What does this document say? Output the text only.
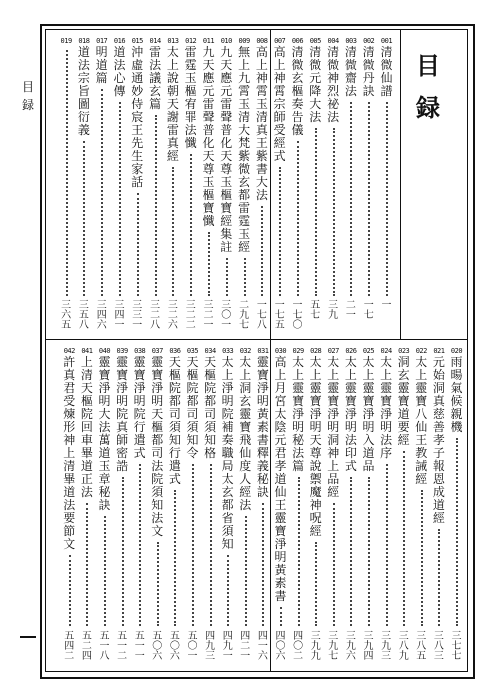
目
録
目
録
001
清
微
仙
譜
一
002
清
微
丹
訣
一
七
003
清
微
齋
法
二
一
004
清
微
神
烈
祕
法
三
九
005
清
微
元
降
大
法
五
七
006
清
微
玄
樞
奏
告
儀
一
七
〇
007
高
上
神
霄
宗
師
受
經
式
一
七
五
008
高
上
神
霄
玉
清
真
王
紫
書
大
法
一
七
八
009
無
上
九
霄
玉
清
大
梵
紫
微
玄
都
雷
霆
玉
經
二
九
七
010
九
天
應
元
雷
聲
普
化
天
尊
玉
樞
寶
經
集
註
三
〇
一
011
九
天
應
元
雷
聲
普
化
天
尊
玉
樞
寶
懺
三
二
一
012
雷
霆
玉
樞
宥
罪
法
懺
三
二
二
013
太
上
說
朝
天
謝
雷
真
經
三
二
六
014
雷
法
議
玄
篇
三
二
八
015
沖
虛
通
妙
侍
宸
王
先
生
家
話
三
三
一
016
道
法
心
傳
三
四
一
017
明
道
篇
三
四
六
018
道
法
宗
旨
圖
衍
義
三
五
八
019
三
六
五
020
雨
暘
氣
候
親
機
三
七
七
021
元
始
洞
真
慈
善
孝
子
報
恩
成
道
經
三
八
三
022
太
上
靈
寶
八
仙
王
教
誡
經
三
八
五
023
洞
玄
靈
寶
道
要
經
三
八
九
024
太
上
靈
寶
淨
明
法
序
三
九
三
025
太
上
靈
寶
淨
明
入
道
品
三
九
四
026
太
上
靈
寶
淨
明
法
印
式
三
九
六
027
太
上
靈
寶
淨
明
洞
神
上
品
經
三
九
七
028
太
上
靈
寶
淨
明
天
尊
說
禦
魔
神
呪
經
三
九
九
029
太
上
靈
寶
淨
明
秘
法
篇
四
〇
二
030
高
上
月
宮
太
陰
元
君
孝
道
仙
王
靈
寶
淨
明
黃
素
書
四
〇
六
031
靈
寶
淨
明
黃
素
書
釋
義
秘
訣
四
一
六
032
太
上
洞
玄
靈
寶
飛
仙
度
人
經
法
四
二
一
033
太
上
淨
明
院
補
奏
職
局
太
玄
都
省
須
知
四
九
一
034
天
樞
院
都
司
須
知
格
四
九
三
035
天
樞
院
都
司
須
知
令
五
〇
一
036
天
樞
院
都
司
須
知
行
遣
式
五
〇
六
037
靈
寶
淨
明
天
樞
都
司
法
院
須
知
法
文
五
〇
六
038
靈
寶
淨
明
院
行
遣
式
五
一
一
039
靈
寶
淨
明
院
真
師
密
誥
五
一
二
040
靈
寶
淨
明
大
法
萬
道
玉
章
秘
訣
五
一
八
041
上
清
天
樞
院
回
車
畢
道
正
法
五
二
四
042
許
真
君
受
煉
形
神
上
清
畢
道
法
要
節
文
五
四
二
